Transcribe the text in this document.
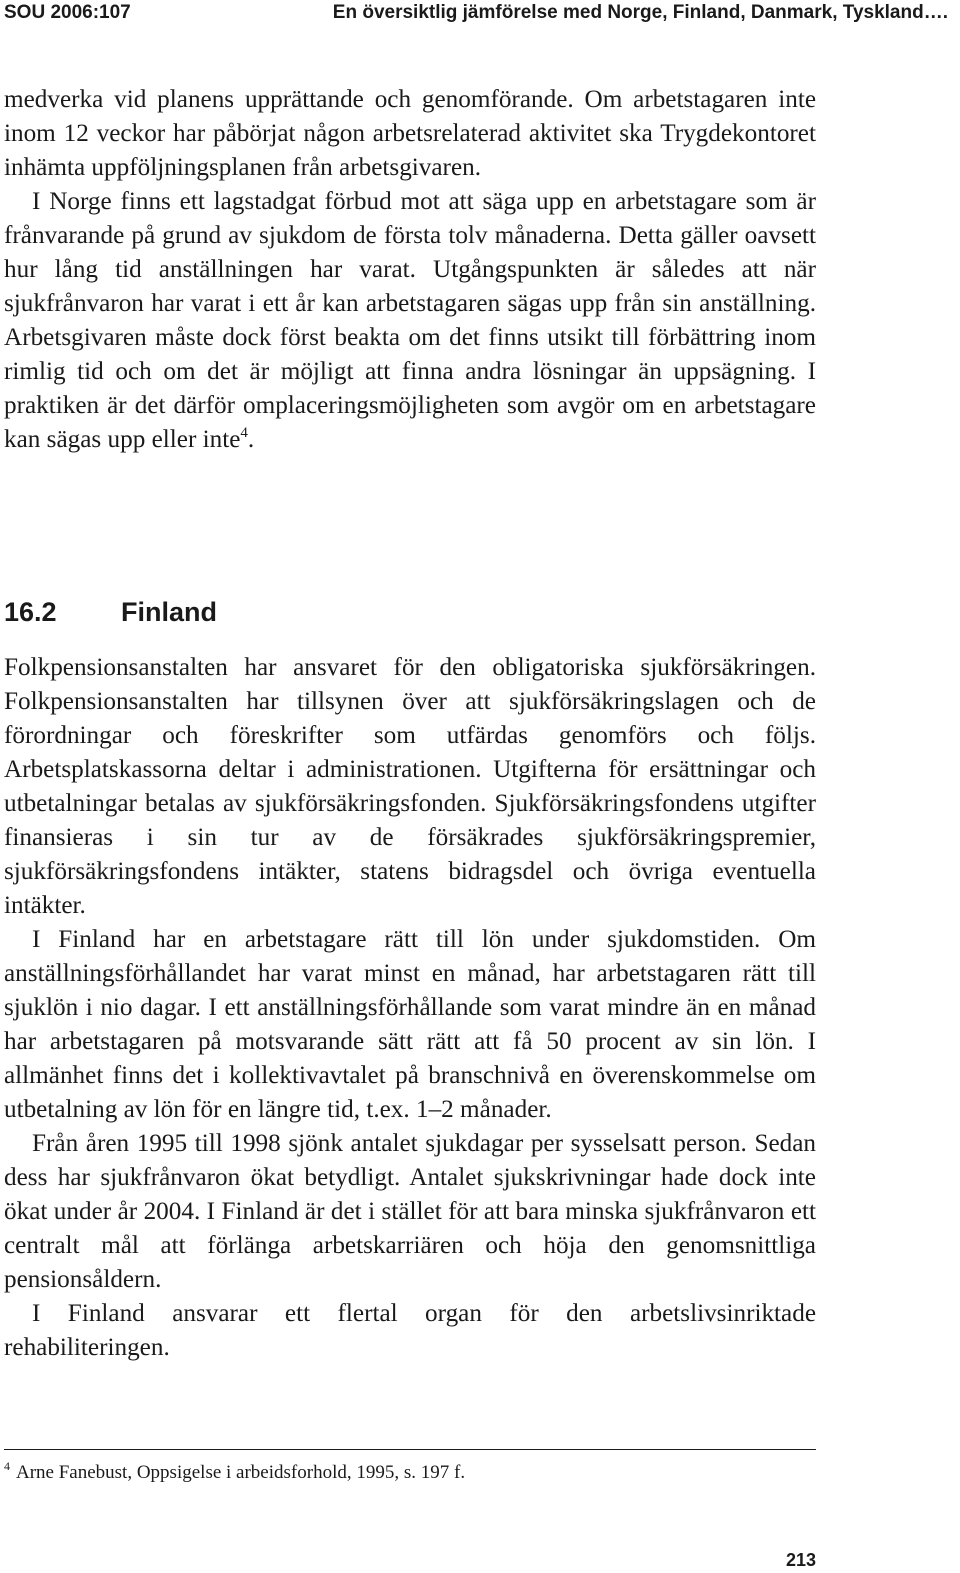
SOU 2006:107	En översiktlig jämförelse med Norge, Finland, Danmark, Tyskland….

medverka vid planens upprättande och genomförande. Om arbetstagaren inte inom 12 veckor har påbörjat någon arbetsrelaterad aktivitet ska Trygdekontoret inhämta uppföljningsplanen från arbetsgivaren.

I Norge finns ett lagstadgat förbud mot att säga upp en arbetstagare som är frånvarande på grund av sjukdom de första tolv månaderna. Detta gäller oavsett hur lång tid anställningen har varat. Utgångspunkten är således att när sjukfrånvaron har varat i ett år kan arbetstagaren sägas upp från sin anställning. Arbetsgivaren måste dock först beakta om det finns utsikt till förbättring inom rimlig tid och om det är möjligt att finna andra lösningar än uppsägning. I praktiken är det därför omplaceringsmöjligheten som avgör om en arbetstagare kan sägas upp eller inte$^4$.

16.2 Finland

Folkpensionsanstalten har ansvaret för den obligatoriska sjukförsäkringen. Folkpensionsanstalten har tillsynen över att sjukförsäkringslagen och de förordningar och föreskrifter som utfärdas genomförs och följs. Arbetsplatskassorna deltar i administrationen. Utgifterna för ersättningar och utbetalningar betalas av sjukförsäkringsfonden. Sjukförsäkringsfondens utgifter finansieras i sin tur av de försäkrades sjukförsäkringspremier, sjukförsäkringsfondens intäkter, statens bidragsdel och övriga eventuella intäkter.

I Finland har en arbetstagare rätt till lön under sjukdomstiden. Om anställningsförhållandet har varat minst en månad, har arbetstagaren rätt till sjuklön i nio dagar. I ett anställningsförhållande som varat mindre än en månad har arbetstagaren på motsvarande sätt rätt att få 50 procent av sin lön. I allmänhet finns det i kollektivavtalet på branschnivå en överenskommelse om utbetalning av lön för en längre tid, t.ex. 1–2 månader.

Från åren 1995 till 1998 sjönk antalet sjukdagar per sysselsatt person. Sedan dess har sjukfrånvaron ökat betydligt. Antalet sjukskrivningar hade dock inte ökat under år 2004. I Finland är det i stället för att bara minska sjukfrånvaron ett centralt mål att förlänga arbetskarriären och höja den genomsnittliga pensionsåldern.

I Finland ansvarar ett flertal organ för den arbetslivsinriktade rehabiliteringen.

$^4$ Arne Fanebust, Oppsigelse i arbeidsforhold, 1995, s. 197 f.
213
